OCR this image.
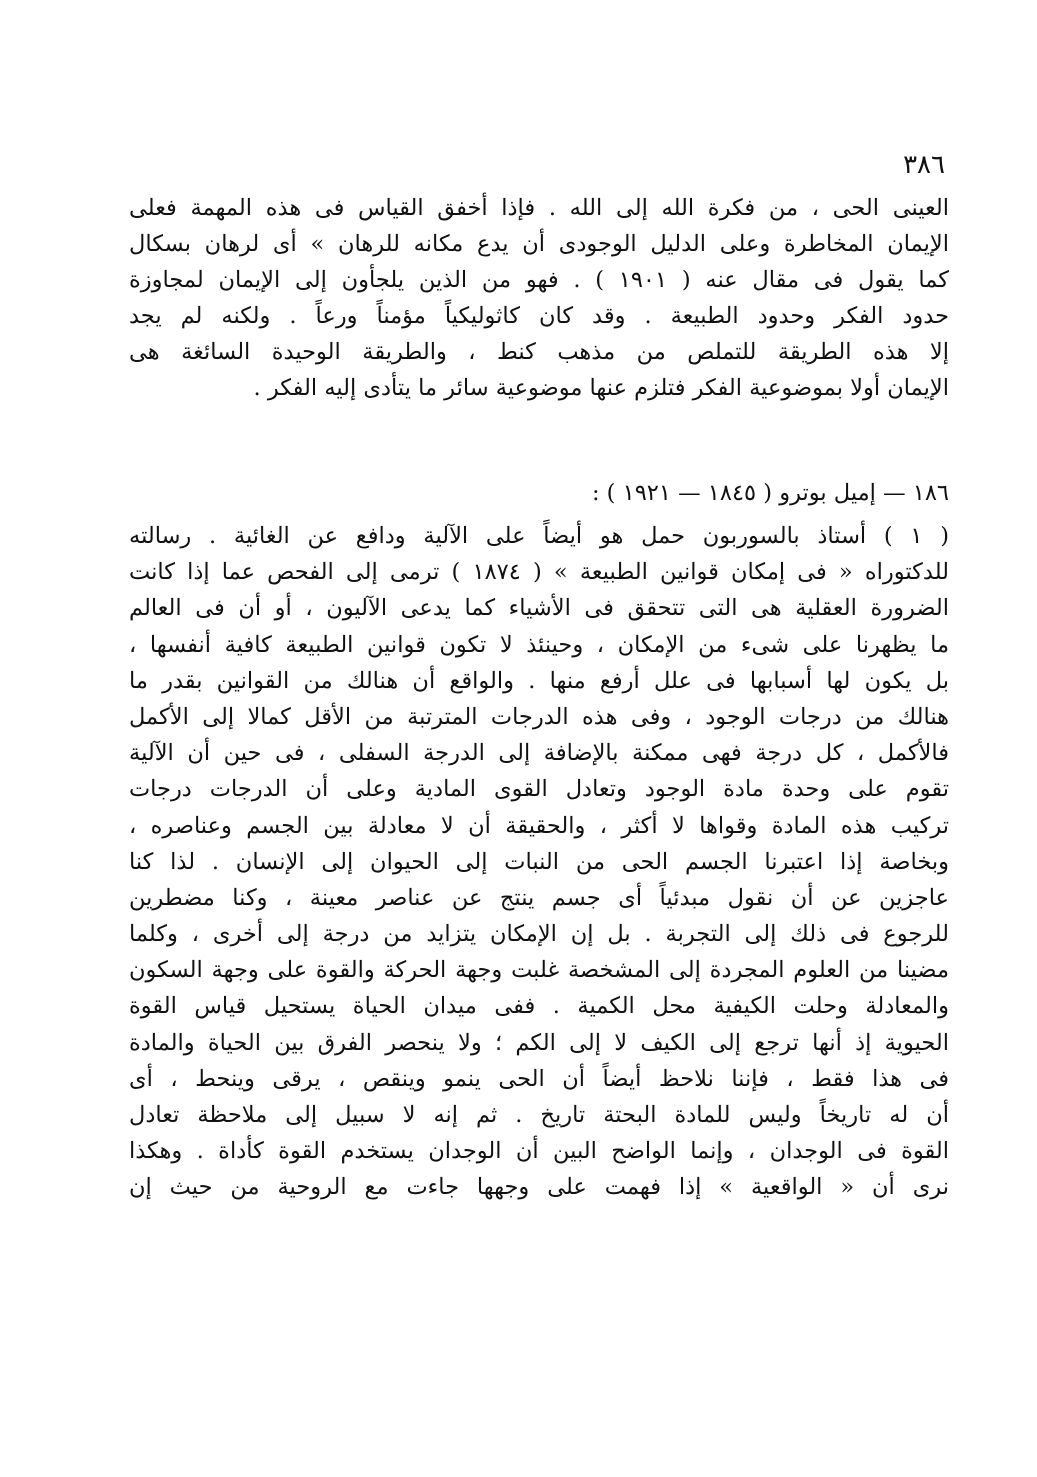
٣٨٦
العينى الحى ، من فكرة الله إلى الله . فإذا أخفق القياس فى هذه المهمة فعلى
الإيمان المخاطرة وعلى الدليل الوجودى أن يدع مكانه للرهان » أى لرهان بسكال
كما يقول فى مقال عنه ( ١٩٠١ ) . فهو من الذين يلجأون إلى الإيمان لمجاوزة
حدود الفكر وحدود الطبيعة . وقد كان كاثوليكياً مؤمناً ورعاً . ولكنه لم يجد
إلا هذه الطريقة للتملص من مذهب كنط ، والطريقة الوحيدة السائغة هى
الإيمان أولا بموضوعية الفكر فتلزم عنها موضوعية سائر ما يتأدى إليه الفكر .
١٨٦ — إميل بوترو ( ١٨٤٥ — ١٩٢١ ) :
( ١ ) أستاذ بالسوربون حمل هو أيضاً على الآلية ودافع عن الغائية . رسالته
للدكتوراه « فى إمكان قوانين الطبيعة » ( ١٨٧٤ ) ترمى إلى الفحص عما إذا كانت
الضرورة العقلية هى التى تتحقق فى الأشياء كما يدعى الآليون ، أو أن فى العالم
ما يظهرنا على شىء من الإمكان ، وحينئذ لا تكون قوانين الطبيعة كافية أنفسها ،
بل يكون لها أسبابها فى علل أرفع منها . والواقع أن هنالك من القوانين بقدر ما
هنالك من درجات الوجود ، وفى هذه الدرجات المترتبة من الأقل كمالا إلى الأكمل
فالأكمل ، كل درجة فهى ممكنة بالإضافة إلى الدرجة السفلى ، فى حين أن الآلية
تقوم على وحدة مادة الوجود وتعادل القوى المادية وعلى أن الدرجات درجات
تركيب هذه المادة وقواها لا أكثر ، والحقيقة أن لا معادلة بين الجسم وعناصره ،
وبخاصة إذا اعتبرنا الجسم الحى من النبات إلى الحيوان إلى الإنسان . لذا كنا
عاجزين عن أن نقول مبدئياً أى جسم ينتج عن عناصر معينة ، وكنا مضطرين
للرجوع فى ذلك إلى التجربة . بل إن الإمكان يتزايد من درجة إلى أخرى ، وكلما
مضينا من العلوم المجردة إلى المشخصة غلبت وجهة الحركة والقوة على وجهة السكون
والمعادلة وحلت الكيفية محل الكمية . ففى ميدان الحياة يستحيل قياس القوة
الحيوية إذ أنها ترجع إلى الكيف لا إلى الكم ؛ ولا ينحصر الفرق بين الحياة والمادة
فى هذا فقط ، فإننا نلاحظ أيضاً أن الحى ينمو وينقص ، يرقى وينحط ، أى
أن له تاريخاً وليس للمادة البحتة تاريخ . ثم إنه لا سبيل إلى ملاحظة تعادل
القوة فى الوجدان ، وإنما الواضح البين أن الوجدان يستخدم القوة كأداة . وهكذا
نرى أن « الواقعية » إذا فهمت على وجهها جاءت مع الروحية من حيث إن
